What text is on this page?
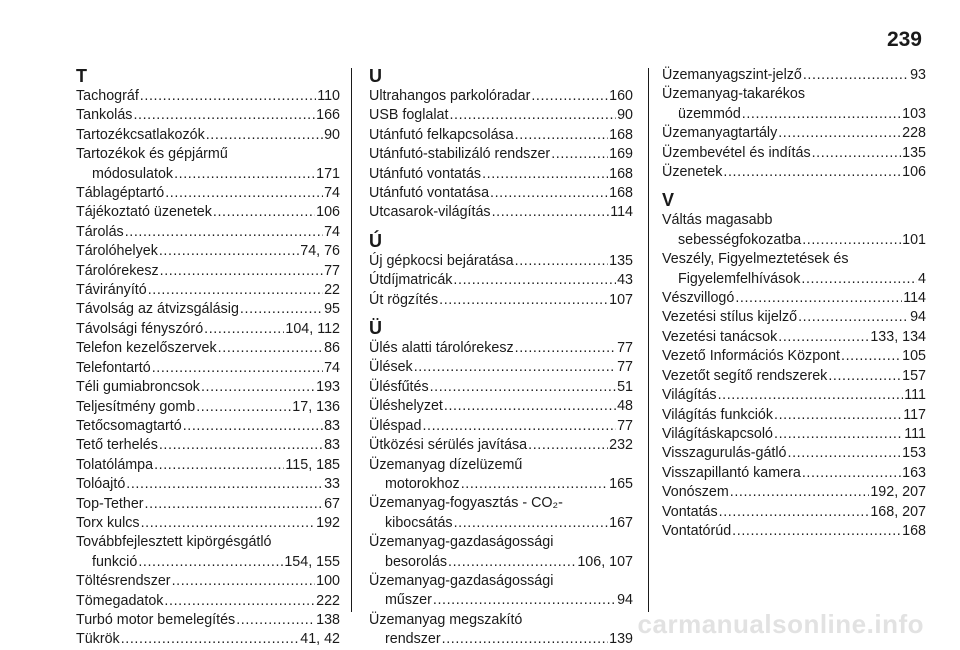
239
T
Tachográf .....	110
Tankolás .....	166
Tartozékcsatlakozók .....	90
Tartozékok és gépjármű
módosulatok .....	171
Táblagéptartó .....	74
Tájékoztató üzenetek .....	106
Tárolás .....	74
Tárolóhelyek .....	74, 76
Tárolórekesz .....	77
Távirányító .....	22
Távolság az átvizsgálásig .....	95
Távolsági fényszóró .....	104, 112
Telefon kezelőszervek .....	86
Telefontartó .....	74
Téli gumiabroncsok .....	193
Teljesítmény gomb .....	17, 136
Tetőcsomagtartó .....	83
Tető terhelés .....	83
Tolatólámpa .....	115, 185
Tolóajtó .....	33
Top-Tether .....	67
Torx kulcs .....	192
Továbbfejlesztett kipörgésgátló
funkció .....	154, 155
Töltésrendszer .....	100
Tömegadatok .....	222
Turbó motor bemelegítés .....	138
Tükrök .....	41, 42
U
Ultrahangos parkolóradar .....	160
USB foglalat .....	90
Utánfutó felkapcsolása .....	168
Utánfutó-stabilizáló rendszer .....	169
Utánfutó vontatás .....	168
Utánfutó vontatása .....	168
Utcasarok-világítás .....	114
Ú
Új gépkocsi bejáratása .....	135
Útdíjmatricák .....	43
Út rögzítés .....	107
Ü
Ülés alatti tárolórekesz .....	77
Ülések .....	77
Ülésfűtés .....	51
Üléshelyzet .....	48
Üléspad .....	77
Ütközési sérülés javítása .....	232
Üzemanyag dízelüzemű
motorokhoz .....	165
Üzemanyag-fogyasztás - CO₂-
kibocsátás .....	167
Üzemanyag-gazdaságossági
besorolás .....	106, 107
Üzemanyag-gazdaságossági
műszer .....	94
Üzemanyag megszakító
rendszer .....	139
Üzemanyagszint-jelző .....	93
Üzemanyag-takarékos
üzemmód .....	103
Üzemanyagtartály .....	228
Üzembevétel és indítás .....	135
Üzenetek .....	106
V
Váltás magasabb
sebességfokozatba .....	101
Veszély, Figyelmeztetések és
Figyelemfelhívások .....	4
Vészvillogó .....	114
Vezetési stílus kijelző .....	94
Vezetési tanácsok .....	133, 134
Vezető Információs Központ .....	105
Vezetőt segítő rendszerek .....	157
Világítás .....	111
Világítás funkciók .....	117
Világításkapcsoló .....	111
Visszagurulás-gátló .....	153
Visszapillantó kamera .....	163
Vonószem .....	192, 207
Vontatás .....	168, 207
Vontatórúd .....	168
carmanualsonline.info
